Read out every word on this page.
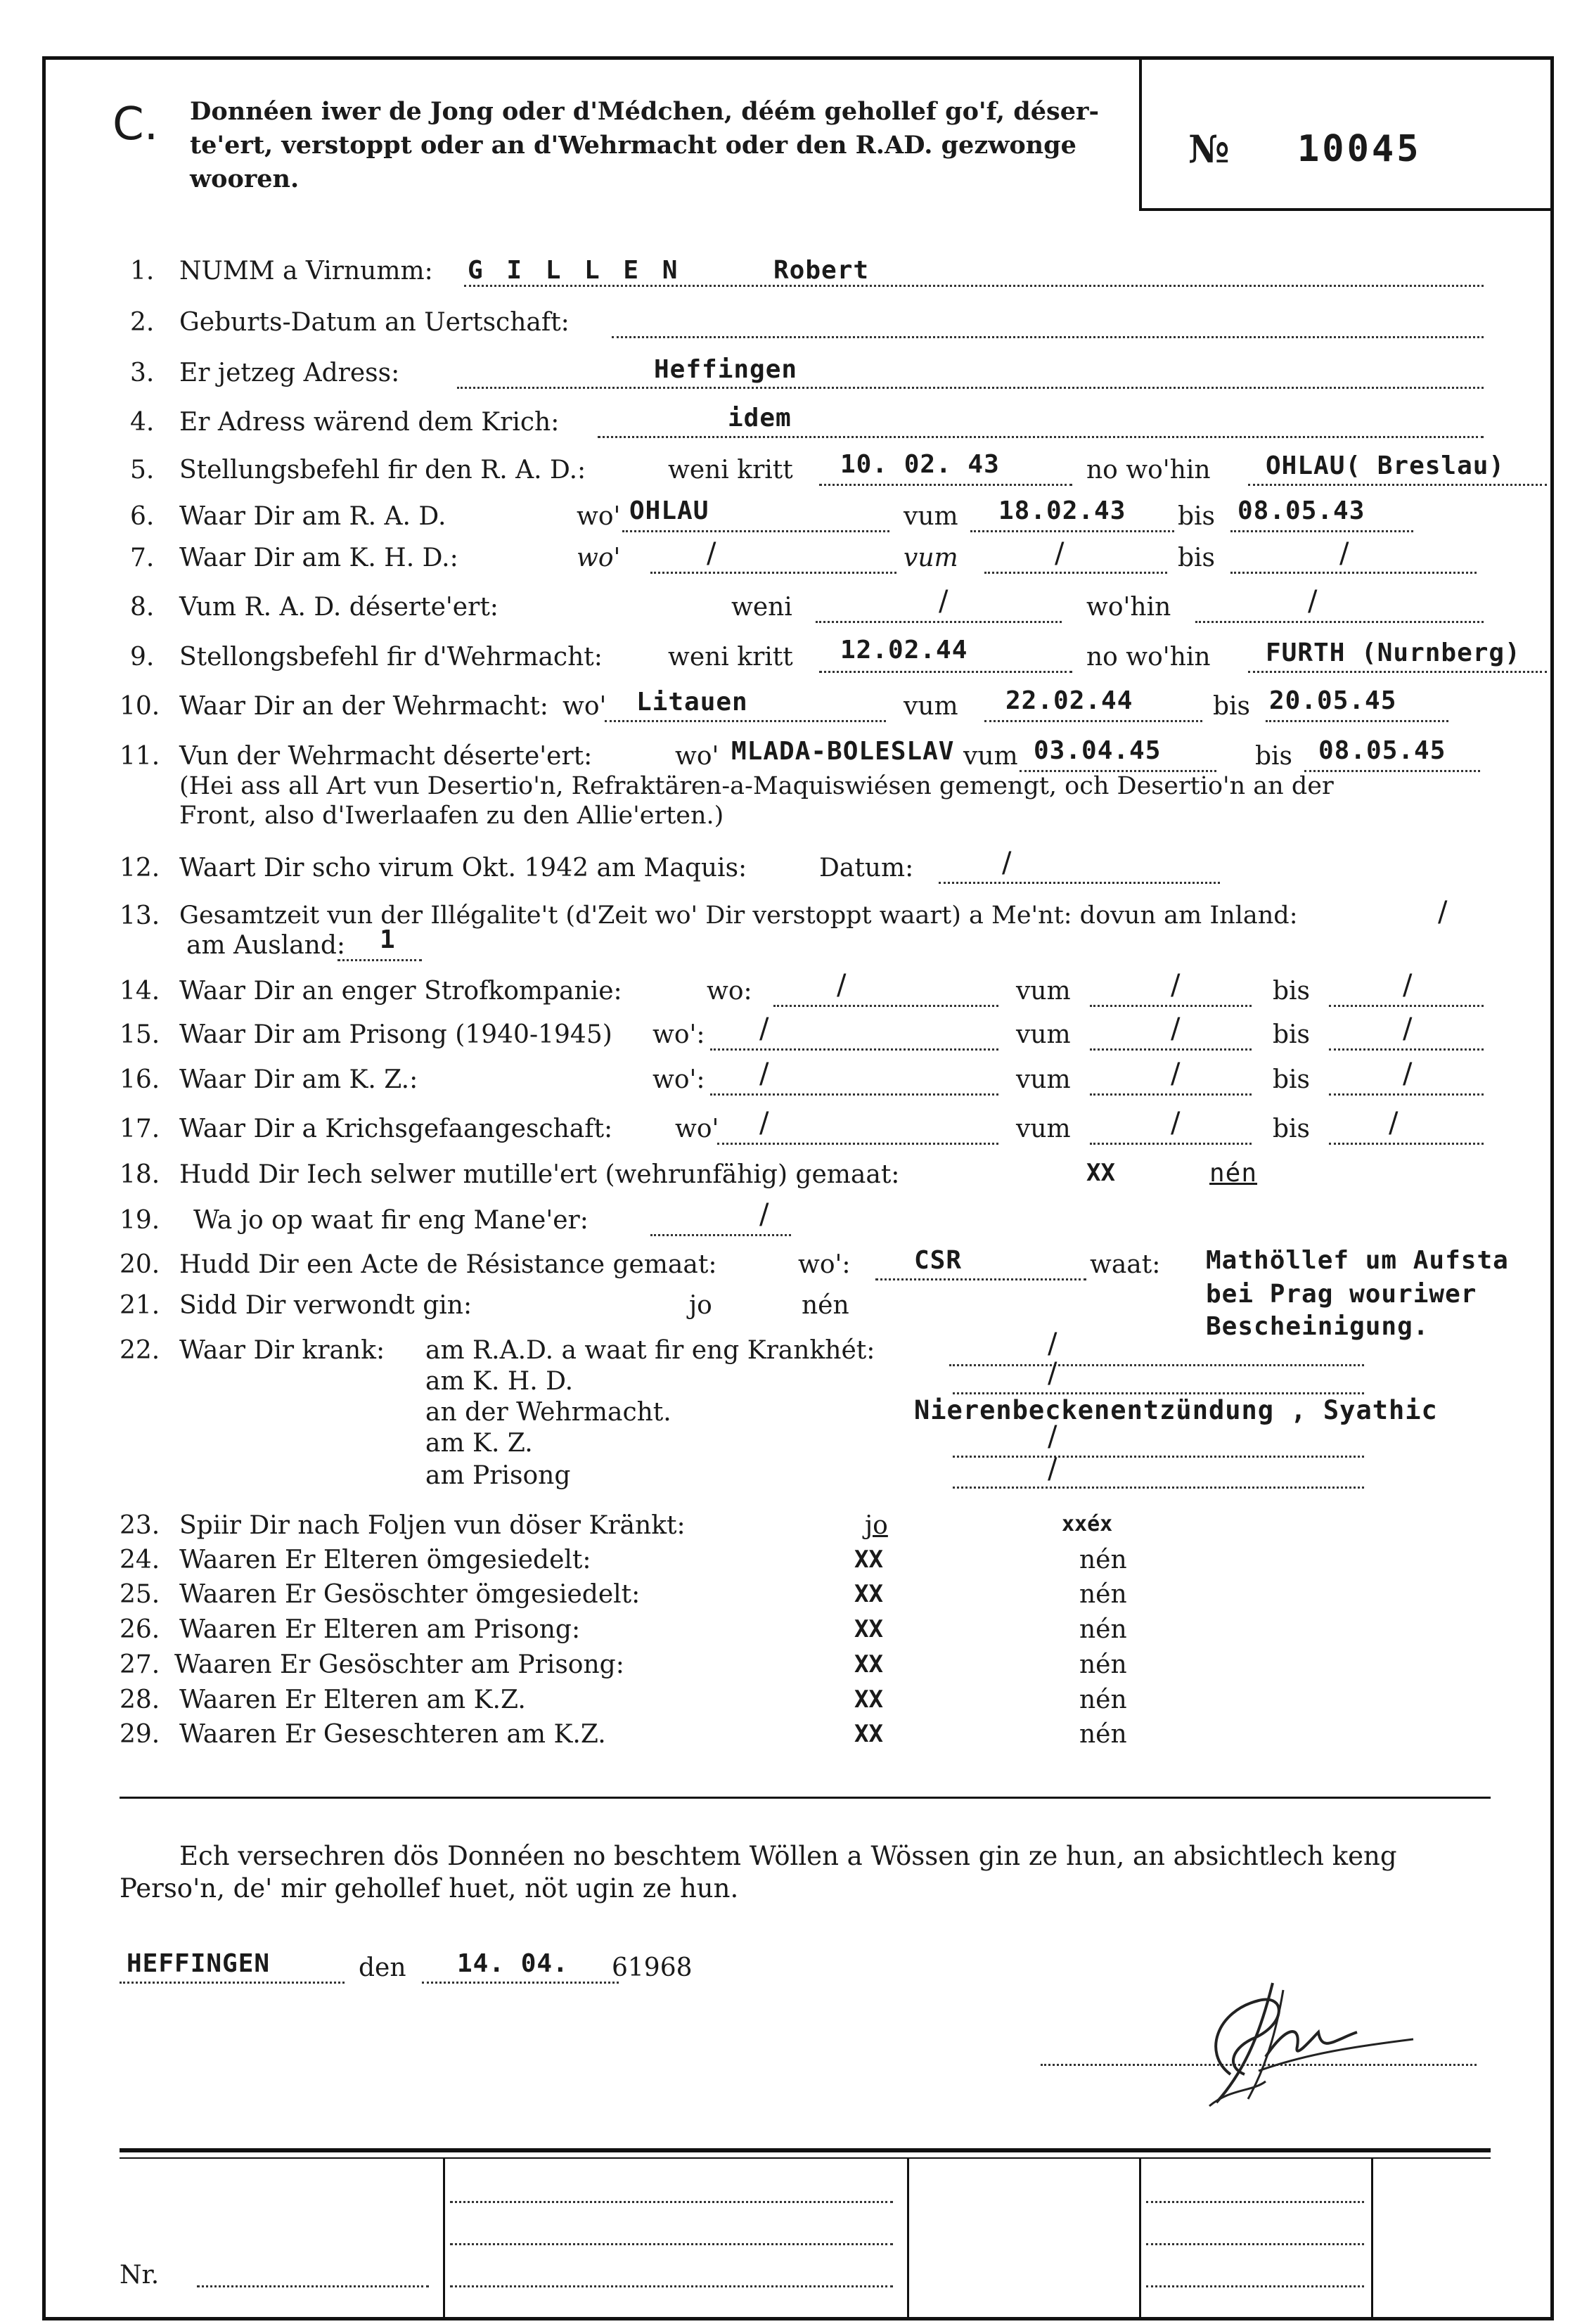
C. Donnéen iwer de Jong oder d'Médchen, déém gehollef go'f, déser-
te'ert, verstoppt oder an d'Wehrmacht oder den R.AD. gezwonge
wooren.
№ 10045
1. NUMM a Virnumm: G I L L E N	Robert
2. Geburts-Datum an Uertschaft:
3. Er jetzeg Adress:	Heffingen
4. Er Adress wärend dem Krich:	idem
5. Stellungsbefehl fir den R. A. D.:	weni kritt 10. 02. 43	no wo'hin OHLAU( Breslau)
6. Waar Dir am R. A. D.	wo' OHLAU	vum 18.02.43 bis 08.05.43
7. Waar Dir am K. H. D.:	wo'	/	vum	/	bis	/
8. Vum R. A. D. déserte'ert:	weni	/	wo'hin	/
9. Stellongsbefehl fir d'Wehrmacht:	weni kritt 12.02.44	no wo'hin FURTH (Nurnberg)
10. Waar Dir an der Wehrmacht: wo' Litauen	vum 22.02.44	bis 20.05.45
11. Vun der Wehrmacht déserte'ert:	wo' MLADA-BOLESLAV vum 03.04.45	bis 08.05.45
(Hei ass all Art vun Desertio'n, Refraktären-a-Maquiswiésen gemengt, och Desertio'n an der
Front, also d'Iwerlaafen zu den Allie'erten.)
12. Waart Dir scho virum Okt. 1942 am Maquis:	Datum:	/
13. Gesamtzeit vun der Illégalite't (d'Zeit wo' Dir verstoppt waart) a Me'nt: dovun am Inland:	/
am Ausland: 1
14. Waar Dir an enger Strofkompanie:	wo:	/	vum	/	bis	/
15. Waar Dir am Prisong (1940-1945) wo': /	vum	/	bis	/
16. Waar Dir am K. Z.:	wo': /	vum	/	bis	/
17. Waar Dir a Krichsgefaangeschaft: wo' /	vum	/	bis	/
18. Hudd Dir Iech selwer mutille'ert (wehrunfähig) gemaat:	XX	nén
19. Wa jo op waat fir eng Mane'er:	/
20. Hudd Dir een Acte de Résistance gemaat:	wo':	CSR	waat: Mathöllef um Aufsta
bei Prag wouriwer
Bescheinigung.
21. Sidd Dir verwondt gin:	jo	nén
22. Waar Dir krank: am R.A.D. a waat fir eng Krankhét:	/
am K. H. D.	/
an der Wehrmacht.	Nierenbeckenentzündung , Syathic
am K. Z.	/
am Prisong	/
23. Spiir Dir nach Foljen vun döser Kränkt:	jo	xxéx
24. Waaren Er Elteren ömgesiedelt:	XX	nén
25. Waaren Er Gesöschter ömgesiedelt:	XX	nén
26. Waaren Er Elteren am Prisong:	XX	nén
27. Waaren Er Gesöschter am Prisong:	XX	nén
28. Waaren Er Elteren am K.Z.	XX	nén
29. Waaren Er Geseschteren am K.Z.	XX	nén
Ech versechren dös Donnéen no beschtem Wöllen a Wössen gin ze hun, an absichtlech keng
Perso'n, de' mir gehollef huet, nöt ugin ze hun.
HEFFINGEN	den 14. 04. 61968
Nr.
